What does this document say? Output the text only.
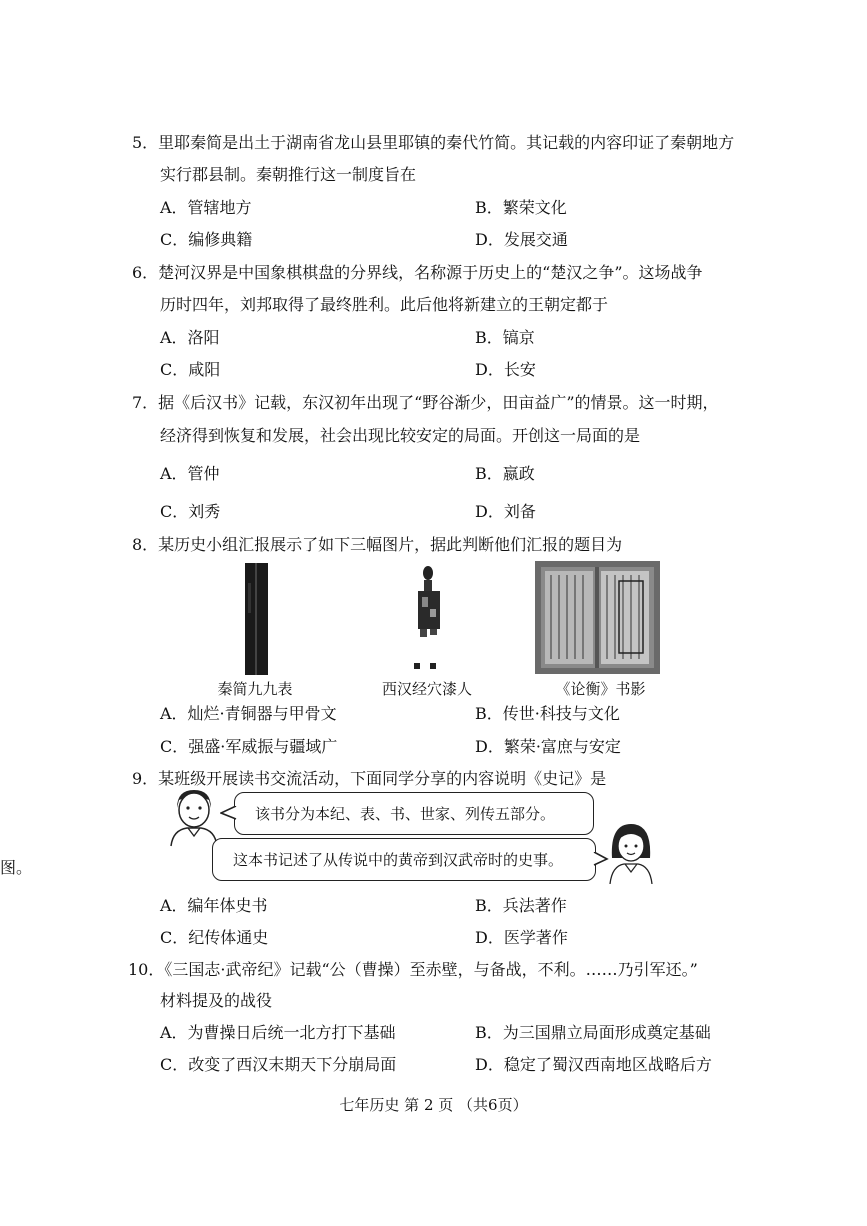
5．里耶秦简是出土于湖南省龙山县里耶镇的秦代竹简。其记载的内容印证了秦朝地方
实行郡县制。秦朝推行这一制度旨在
A．管辖地方	B．繁荣文化
C．编修典籍	D．发展交通
6．楚河汉界是中国象棋棋盘的分界线，名称源于历史上的“楚汉之争”。这场战争
历时四年，刘邦取得了最终胜利。此后他将新建立的王朝定都于
A．洛阳	B．镐京
C．咸阳	D．长安
7．据《后汉书》记载，东汉初年出现了“野谷渐少，田亩益广”的情景。这一时期，
经济得到恢复和发展，社会出现比较安定的局面。开创这一局面的是
A．管仲	B．嬴政
C．刘秀	D．刘备
8．某历史小组汇报展示了如下三幅图片，据此判断他们汇报的题目为
秦简九九表	西汉经穴漆人	《论衡》书影
A．灿烂·青铜器与甲骨文	B．传世·科技与文化
C．强盛·军威振与疆域广	D．繁荣·富庶与安定
9．某班级开展读书交流活动，下面同学分享的内容说明《史记》是
该书分为本纪、表、书、世家、列传五部分。
这本书记述了从传说中的黄帝到汉武帝时的史事。
图。
A．编年体史书	B．兵法著作
C．纪传体通史	D．医学著作
10．《三国志·武帝纪》记载“公（曹操）至赤壁，与备战，不利。……乃引军还。”
材料提及的战役
A．为曹操日后统一北方打下基础	B．为三国鼎立局面形成奠定基础
C．改变了西汉末期天下分崩局面	D．稳定了蜀汉西南地区战略后方
七年历史 第 2 页 （共6页）
